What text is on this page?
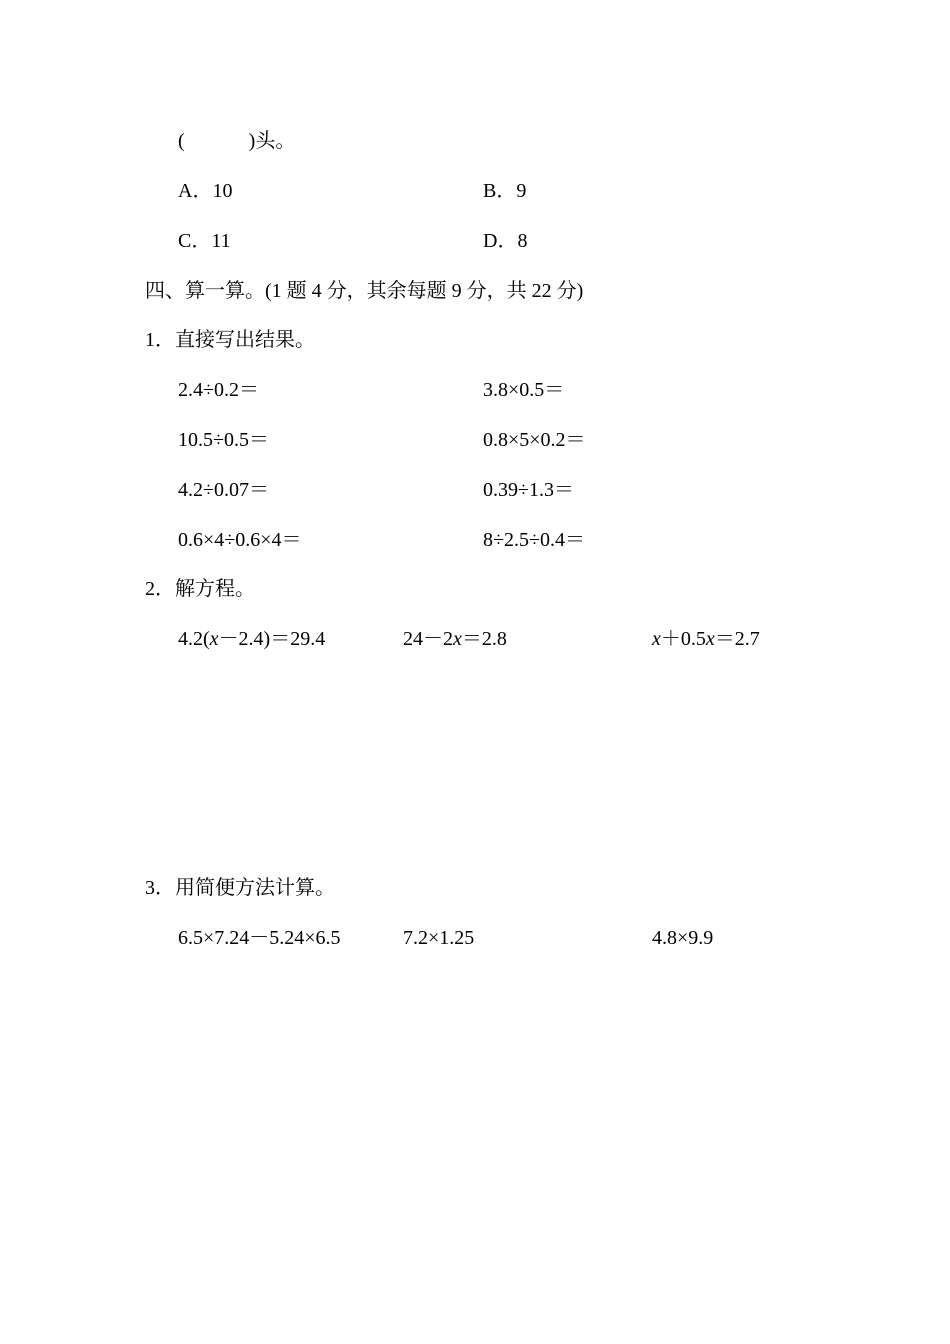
(	)头。
A．10	B．9
C．11	D．8
四、算一算。(1 题 4 分，其余每题 9 分，共 22 分)
1．直接写出结果。
2.4÷0.2＝	3.8×0.5＝
10.5÷0.5＝	0.8×5×0.2＝
4.2÷0.07＝	0.39÷1.3＝
0.6×4÷0.6×4＝	8÷2.5÷0.4＝
2．解方程。
4.2(x－2.4)＝29.4	24－2x＝2.8	x＋0.5x＝2.7
3．用简便方法计算。
6.5×7.24－5.24×6.5	7.2×1.25	4.8×9.9
